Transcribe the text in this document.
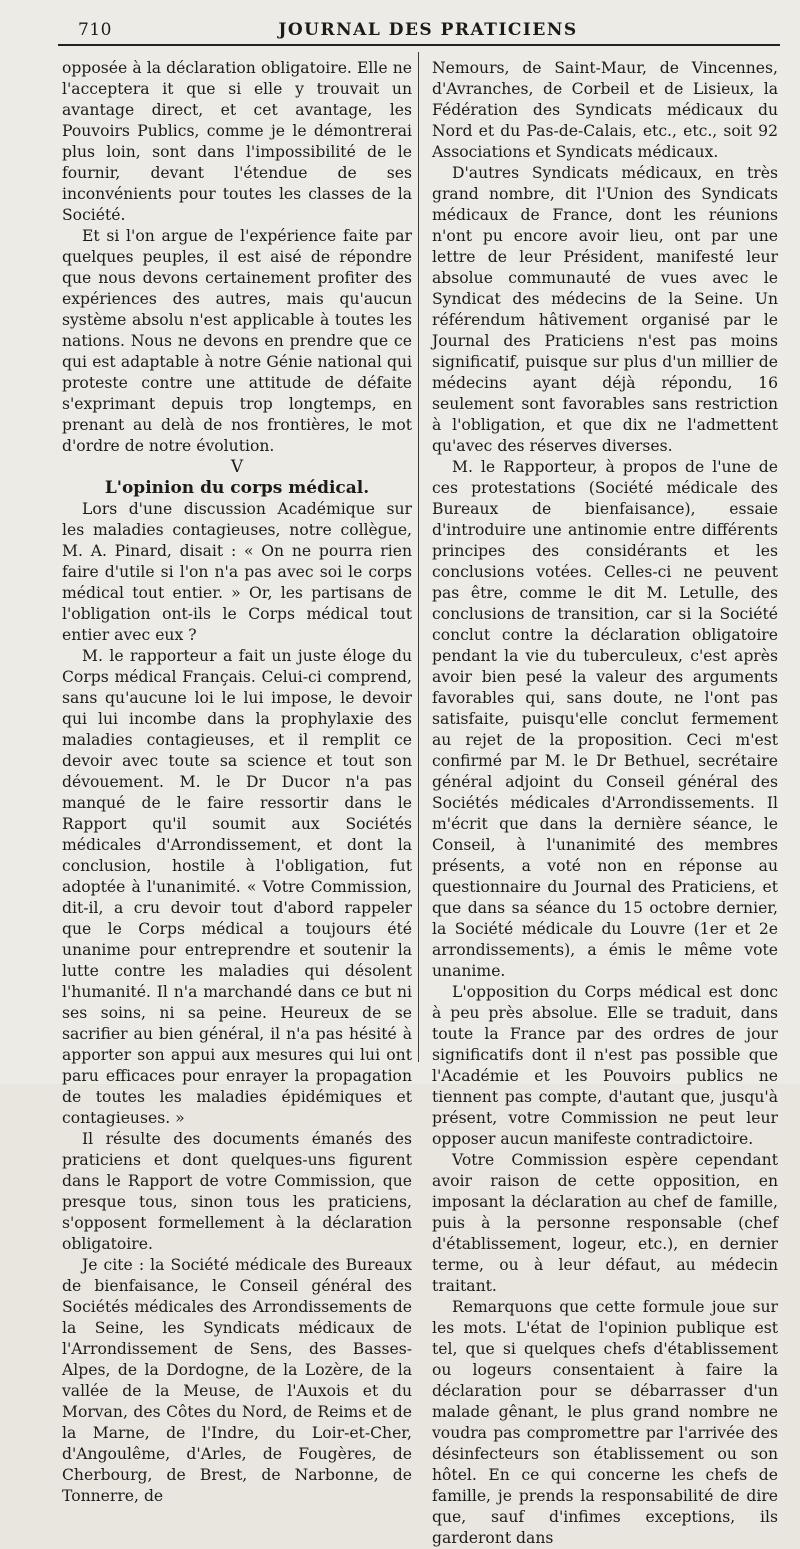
710	JOURNAL DES PRATICIENS

opposée à la déclaration obligatoire. Elle ne l'acceptera it que si elle y trouvait un avantage direct, et cet avantage, les Pouvoirs Publics, comme je le démontrerai plus loin, sont dans l'impossibilité de le fournir, devant l'étendue de ses inconvénients pour toutes les classes de la Société.

Et si l'on argue de l'expérience faite par quelques peuples, il est aisé de répondre que nous devons certainement profiter des expériences des autres, mais qu'aucun système absolu n'est applicable à toutes les nations. Nous ne devons en prendre que ce qui est adaptable à notre Génie national qui proteste contre une attitude de défaite s'exprimant depuis trop longtemps, en prenant au delà de nos frontières, le mot d'ordre de notre évolution.

V

L'opinion du corps médical.

Lors d'une discussion Académique sur les maladies contagieuses, notre collègue, M. A. Pinard, disait : « On ne pourra rien faire d'utile si l'on n'a pas avec soi le corps médical tout entier. » Or, les partisans de l'obligation ont-ils le Corps médical tout entier avec eux ?

M. le rapporteur a fait un juste éloge du Corps médical Français. Celui-ci comprend, sans qu'aucune loi le lui impose, le devoir qui lui incombe dans la prophylaxie des maladies contagieuses, et il remplit ce devoir avec toute sa science et tout son dévouement. M. le Dr Ducor n'a pas manqué de le faire ressortir dans le Rapport qu'il soumit aux Sociétés médicales d'Arrondissement, et dont la conclusion, hostile à l'obligation, fut adoptée à l'unanimité. « Votre Commission, dit-il, a cru devoir tout d'abord rappeler que le Corps médical a toujours été unanime pour entreprendre et soutenir la lutte contre les maladies qui désolent l'humanité. Il n'a marchandé dans ce but ni ses soins, ni sa peine. Heureux de se sacrifier au bien général, il n'a pas hésité à apporter son appui aux mesures qui lui ont paru efficaces pour enrayer la propagation de toutes les maladies épidémiques et contagieuses. »

Il résulte des documents émanés des praticiens et dont quelques-uns figurent dans le Rapport de votre Commission, que presque tous, sinon tous les praticiens, s'opposent formellement à la déclaration obligatoire.

Je cite : la Société médicale des Bureaux de bienfaisance, le Conseil général des Sociétés médicales des Arrondissements de la Seine, les Syndicats médicaux de l'Arrondissement de Sens, des Basses-Alpes, de la Dordogne, de la Lozère, de la vallée de la Meuse, de l'Auxois et du Morvan, des Côtes du Nord, de Reims et de la Marne, de l'Indre, du Loir-et-Cher, d'Angoulême, d'Arles, de Fougères, de Cherbourg, de Brest, de Narbonne, de Tonnerre, de

Nemours, de Saint-Maur, de Vincennes, d'Avranches, de Corbeil et de Lisieux, la Fédération des Syndicats médicaux du Nord et du Pas-de-Calais, etc., etc., soit 92 Associations et Syndicats médicaux.

D'autres Syndicats médicaux, en très grand nombre, dit l'Union des Syndicats médicaux de France, dont les réunions n'ont pu encore avoir lieu, ont par une lettre de leur Président, manifesté leur absolue communauté de vues avec le Syndicat des médecins de la Seine. Un référendum hâtivement organisé par le Journal des Praticiens n'est pas moins significatif, puisque sur plus d'un millier de médecins ayant déjà répondu, 16 seulement sont favorables sans restriction à l'obligation, et que dix ne l'admettent qu'avec des réserves diverses.

M. le Rapporteur, à propos de l'une de ces protestations (Société médicale des Bureaux de bienfaisance), essaie d'introduire une antinomie entre différents principes des considérants et les conclusions votées. Celles-ci ne peuvent pas être, comme le dit M. Letulle, des conclusions de transition, car si la Société conclut contre la déclaration obligatoire pendant la vie du tuberculeux, c'est après avoir bien pesé la valeur des arguments favorables qui, sans doute, ne l'ont pas satisfaite, puisqu'elle conclut fermement au rejet de la proposition. Ceci m'est confirmé par M. le Dr Bethuel, secrétaire général adjoint du Conseil général des Sociétés médicales d'Arrondissements. Il m'écrit que dans la dernière séance, le Conseil, à l'unanimité des membres présents, a voté non en réponse au questionnaire du Journal des Praticiens, et que dans sa séance du 15 octobre dernier, la Société médicale du Louvre (1er et 2e arrondissements), a émis le même vote unanime.

L'opposition du Corps médical est donc à peu près absolue. Elle se traduit, dans toute la France par des ordres de jour significatifs dont il n'est pas possible que l'Académie et les Pouvoirs publics ne tiennent pas compte, d'autant que, jusqu'à présent, votre Commission ne peut leur opposer aucun manifeste contradictoire.

Votre Commission espère cependant avoir raison de cette opposition, en imposant la déclaration au chef de famille, puis à la personne responsable (chef d'établissement, logeur, etc.), en dernier terme, ou à leur défaut, au médecin traitant.

Remarquons que cette formule joue sur les mots. L'état de l'opinion publique est tel, que si quelques chefs d'établissement ou logeurs consentaient à faire la déclaration pour se débarrasser d'un malade gênant, le plus grand nombre ne voudra pas compromettre par l'arrivée des désinfecteurs son établissement ou son hôtel. En ce qui concerne les chefs de famille, je prends la responsabilité de dire que, sauf d'infimes exceptions, ils garderont dans
